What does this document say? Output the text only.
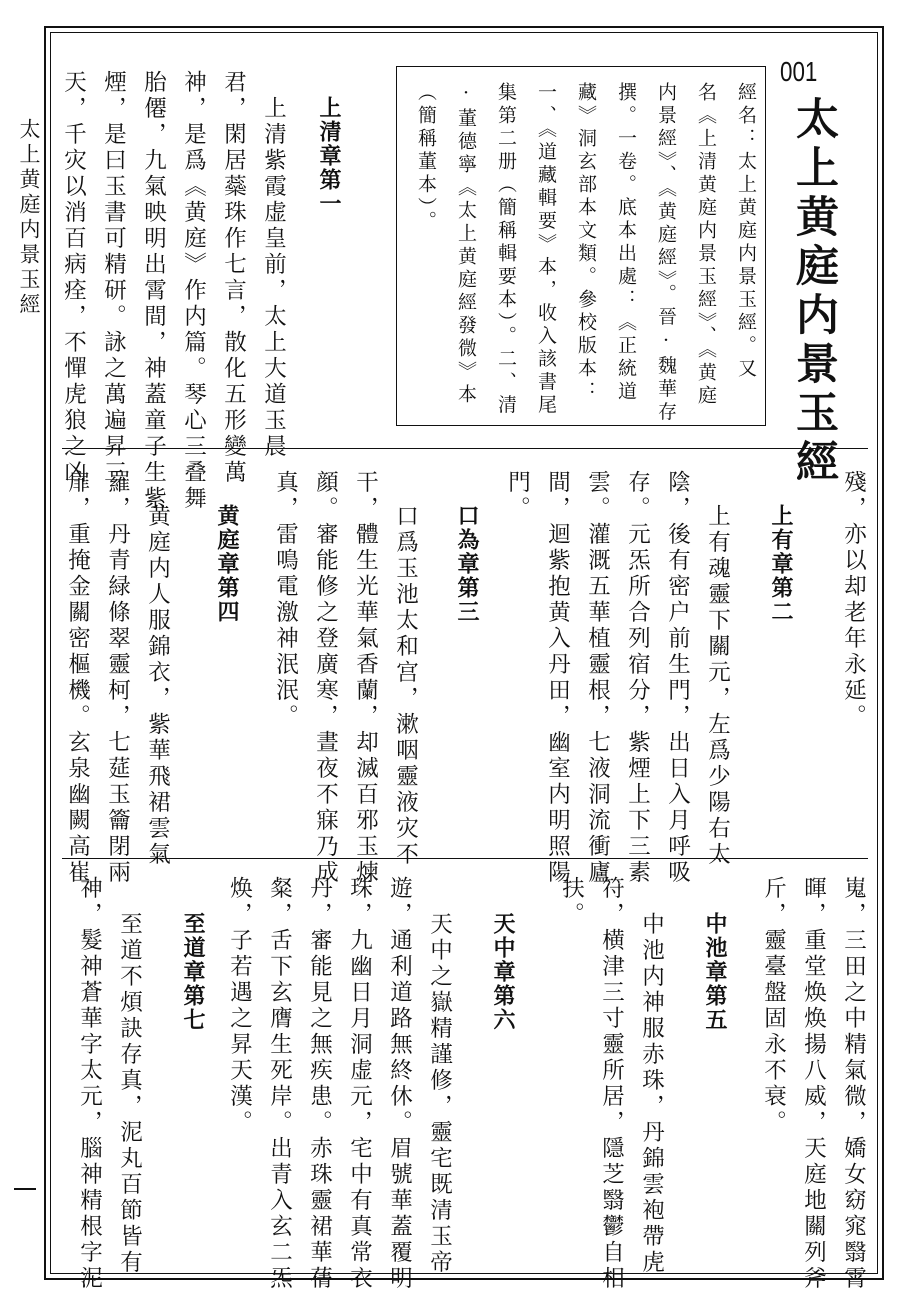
太上黄庭内景玉經
001
太上黄庭内景玉經
經名：太上黄庭内景玉經。又
名《上清黄庭内景玉經》、《黄庭
内景經》、《黄庭經》。晉·魏華存
撰。一卷。底本出處：《正統道
藏》洞玄部本文類。參校版本：
一、《道藏輯要》本，收入該書尾
集第二册（簡稱輯要本）。二、清
·董德寧《太上黄庭經發微》本
（簡稱董本）。
上清章第一
上清紫霞虚皇前，太上大道玉晨
君，閑居蘂珠作七言，散化五形變萬
神，是爲《黄庭》作内篇。琴心三叠舞
胎僊，九氣映明出霄間，神蓋童子生紫
煙，是曰玉書可精研。詠之萬遍昇三
天，千灾以消百病痊，不憚虎狼之凶
殘，亦以却老年永延。
上有章第二
上有魂靈下關元，左爲少陽右太
陰，後有密户前生門，出日入月呼吸
存。元炁所合列宿分，紫煙上下三素
雲。灌溉五華植靈根，七液洞流衝廬
間，迴紫抱黄入丹田，幽室内明照陽
門。
口為章第三
口爲玉池太和宫，漱咽靈液灾不
干，體生光華氣香蘭，却滅百邪玉煉
顔。審能修之登廣寒，晝夜不寐乃成
真，雷鳴電激神泯泯。
黄庭章第四
黄庭内人服錦衣，紫華飛裙雲氣
羅，丹青緑條翠靈柯，七莚玉籥閉兩
扉，重掩金關密樞機。玄泉幽闕高崔
嵬，三田之中精氣微，嬌女窈窕翳霄
暉，重堂焕焕揚八威，天庭地關列斧
斤，靈臺盤固永不衰。
中池章第五
中池内神服赤珠，丹錦雲袍帶虎
符，横津三寸靈所居，隱芝翳鬱自相
扶。
天中章第六
天中之嶽精謹修，靈宅既清玉帝
遊，通利道路無終休。眉號華蓋覆明
珠，九幽日月洞虚元，宅中有真常衣
丹，審能見之無疾患。赤珠靈裙華蒨
粲，舌下玄膺生死岸。出青入玄二炁
焕，子若遇之昇天漢。
至道章第七
至道不煩訣存真，泥丸百節皆有
神，髮神蒼華字太元，腦神精根字泥
